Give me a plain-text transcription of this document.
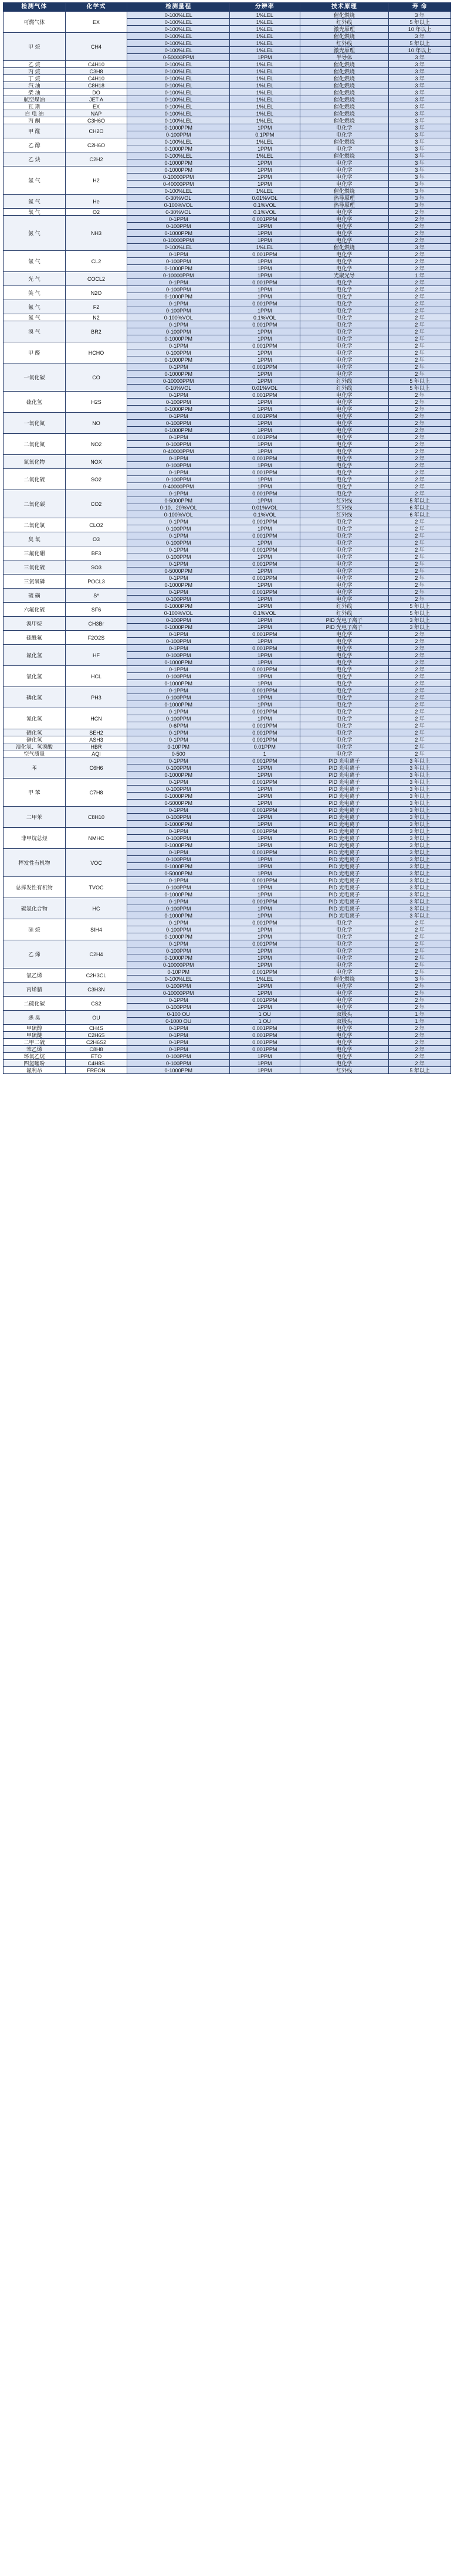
检测气体	化学式	检测量程	分辨率	技术原理	寿 命
可燃气体	EX	0-100%LEL	1%LEL	催化燃烧	3 年
		0-100%LEL	1%LEL	红外线	5 年以上
		0-100%LEL	1%LEL	激光原理	10 年以上
甲 烷	CH4	0-100%LEL	1%LEL	催化燃烧	3 年
		0-100%LEL	1%LEL	红外线	5 年以上
		0-100%LEL	1%LEL	激光原理	10 年以上
		0-50000PPM	1PPM	半导体	3 年
乙 烷	C4H10	0-100%LEL	1%LEL	催化燃烧	3 年
丙 烷	C3H8	0-100%LEL	1%LEL	催化燃烧	3 年
丁 烷	C4H10	0-100%LEL	1%LEL	催化燃烧	3 年
汽 油	C8H18	0-100%LEL	1%LEL	催化燃烧	3 年
柴 油	DO	0-100%LEL	1%LEL	催化燃烧	3 年
航空煤油	JET A	0-100%LEL	1%LEL	催化燃烧	3 年
瓦 斯	EX	0-100%LEL	1%LEL	催化燃烧	3 年
白 电 油	NAP	0-100%LEL	1%LEL	催化燃烧	3 年
丙 酮	C3H6O	0-100%LEL	1%LEL	催化燃烧	3 年
甲 醛	CH2O	0-1000PPM	1PPM	电化学	3 年
		0-100PPM	0.1PPM	电化学	3 年
乙 醇	C2H6O	0-100%LEL	1%LEL	催化燃烧	3 年
		0-1000PPM	1PPM	电化学	3 年
乙 炔	C2H2	0-100%LEL	1%LEL	催化燃烧	3 年
		0-1000PPM	1PPM	电化学	3 年
氢 气	H2	0-1000PPM	1PPM	电化学	3 年
		0-10000PPM	1PPM	电化学	3 年
		0-40000PPM	1PPM	电化学	3 年
		0-100%LEL	1%LEL	催化燃烧	3 年
氦 气	He	0-30%VOL	0.01%VOL	热导原理	3 年
		0-100%VOL	0.1%VOL	热导原理	3 年
氧 气	O2	0-30%VOL	0.1%VOL	电化学	2 年
氨 气	NH3	0-1PPM	0.001PPM	电化学	2 年
		0-100PPM	1PPM	电化学	2 年
		0-1000PPM	1PPM	电化学	2 年
		0-10000PPM	1PPM	电化学	2 年
		0-100%LEL	1%LEL	催化燃烧	3 年
氯 气	CL2	0-1PPM	0.001PPM	电化学	2 年
		0-100PPM	1PPM	电化学	2 年
		0-1000PPM	1PPM	电化学	2 年
光 气	COCL2	0-10000PPM	1PPM	光聚光导	1 年
		0-1PPM	0.001PPM	电化学	2 年
笑 气	N2O	0-100PPM	1PPM	电化学	2 年
		0-1000PPM	1PPM	电化学	2 年
氟 气	F2	0-1PPM	0.001PPM	电化学	2 年
		0-100PPM	1PPM	电化学	2 年
氮 气	N2	0-100%VOL	0.1%VOL	电化学	2 年
溴 气	BR2	0-1PPM	0.001PPM	电化学	2 年
		0-100PPM	1PPM	电化学	2 年
		0-1000PPM	1PPM	电化学	2 年
甲 醛	HCHO	0-1PPM	0.001PPM	电化学	2 年
		0-100PPM	1PPM	电化学	2 年
		0-1000PPM	1PPM	电化学	2 年
一氧化碳	CO	0-1PPM	0.001PPM	电化学	2 年
		0-1000PPM	1PPM	电化学	2 年
		0-10000PPM	1PPM	红外线	5 年以上
		0-10%VOL	0.01%VOL	红外线	5 年以上
硫化氢	H2S	0-1PPM	0.001PPM	电化学	2 年
		0-100PPM	1PPM	电化学	2 年
		0-1000PPM	1PPM	电化学	2 年
一氧化氮	NO	0-1PPM	0.001PPM	电化学	2 年
		0-100PPM	1PPM	电化学	2 年
		0-1000PPM	1PPM	电化学	2 年
二氧化氮	NO2	0-1PPM	0.001PPM	电化学	2 年
		0-100PPM	1PPM	电化学	2 年
		0-40000PPM	1PPM	电化学	2 年
氮氧化物	NOX	0-1PPM	0.001PPM	电化学	2 年
		0-100PPM	1PPM	电化学	2 年
二氧化硫	SO2	0-1PPM	0.001PPM	电化学	2 年
		0-100PPM	1PPM	电化学	2 年
		0-40000PPM	1PPM	电化学	2 年
二氧化碳	CO2	0-1PPM	0.001PPM	电化学	2 年
		0-5000PPM	1PPM	红外线	5 年以上
		0-10、20%VOL	0.01%VOL	红外线	6 年以上
		0-100%VOL	0.1%VOL	红外线	6 年以上
二氧化氯	CLO2	0-1PPM	0.001PPM	电化学	2 年
		0-100PPM	1PPM	电化学	2 年
臭 氧	O3	0-1PPM	0.001PPM	电化学	2 年
		0-100PPM	1PPM	电化学	2 年
三氟化硼	BF3	0-1PPM	0.001PPM	电化学	2 年
		0-100PPM	1PPM	电化学	2 年
三氧化硫	SO3	0-1PPM	0.001PPM	电化学	2 年
		0-5000PPM	1PPM	电化学	2 年
三氯氧磷	POCL3	0-1PPM	0.001PPM	电化学	2 年
		0-1000PPM	1PPM	电化学	2 年
硫 磺	S*	0-1PPM	0.001PPM	电化学	2 年
		0-100PPM	1PPM	电化学	2 年
六氟化硫	SF6	0-1000PPM	1PPM	红外线	5 年以上
		0-100%VOL	0.1%VOL	红外线	5 年以上
溴甲烷	CH3Br	0-100PPM	1PPM	PID 光电子离子	3 年以上
		0-1000PPM	1PPM	PID 光电子离子	3 年以上
硫酰氟	F2O2S	0-1PPM	0.001PPM	电化学	2 年
		0-100PPM	1PPM	电化学	2 年
氟化氢	HF	0-1PPM	0.001PPM	电化学	2 年
		0-100PPM	1PPM	电化学	2 年
		0-1000PPM	1PPM	电化学	2 年
氯化氢	HCL	0-1PPM	0.001PPM	电化学	2 年
		0-100PPM	1PPM	电化学	2 年
		0-1000PPM	1PPM	电化学	2 年
磷化氢	PH3	0-1PPM	0.001PPM	电化学	2 年
		0-100PPM	1PPM	电化学	2 年
		0-1000PPM	1PPM	电化学	2 年
氰化氢	HCN	0-1PPM	0.001PPM	电化学	2 年
		0-100PPM	1PPM	电化学	2 年
		0-6PPM	0.001PPM	电化学	2 年
硒化氢	SEH2	0-1PPM	0.001PPM	电化学	2 年
砷化氢	ASH3	0-1PPM	0.001PPM	电化学	2 年
溴化氢、氢溴酸	HBR	0-10PPM	0.01PPM	电化学	2 年
空气质量	AQI	0-500	1	电化学	2 年
苯	C6H6	0-1PPM	0.001PPM	PID 光电离子	3 年以上
		0-100PPM	1PPM	PID 光电离子	3 年以上
		0-1000PPM	1PPM	PID 光电离子	3 年以上
甲 苯	C7H8	0-1PPM	0.001PPM	PID 光电离子	3 年以上
		0-100PPM	1PPM	PID 光电离子	3 年以上
		0-1000PPM	1PPM	PID 光电离子	3 年以上
		0-5000PPM	1PPM	PID 光电离子	3 年以上
二甲苯	C8H10	0-1PPM	0.001PPM	PID 光电离子	3 年以上
		0-100PPM	1PPM	PID 光电离子	3 年以上
		0-1000PPM	1PPM	PID 光电离子	3 年以上
非甲烷总烃	NMHC	0-1PPM	0.001PPM	PID 光电离子	3 年以上
		0-100PPM	1PPM	PID 光电离子	3 年以上
		0-1000PPM	1PPM	PID 光电离子	3 年以上
挥发性有机物	VOC	0-1PPM	0.001PPM	PID 光电离子	3 年以上
		0-100PPM	1PPM	PID 光电离子	3 年以上
		0-1000PPM	1PPM	PID 光电离子	3 年以上
		0-5000PPM	1PPM	PID 光电离子	3 年以上
总挥发性有机物	TVOC	0-1PPM	0.001PPM	PID 光电离子	3 年以上
		0-100PPM	1PPM	PID 光电离子	3 年以上
		0-1000PPM	1PPM	PID 光电离子	3 年以上
碳氢化合物	HC	0-1PPM	0.001PPM	PID 光电离子	3 年以上
		0-100PPM	1PPM	PID 光电离子	3 年以上
		0-1000PPM	1PPM	PID 光电离子	3 年以上
硅 烷	SIH4	0-1PPM	0.001PPM	电化学	2 年
		0-100PPM	1PPM	电化学	2 年
		0-1000PPM	1PPM	电化学	2 年
乙 烯	C2H4	0-1PPM	0.001PPM	电化学	2 年
		0-100PPM	1PPM	电化学	2 年
		0-1000PPM	1PPM	电化学	2 年
		0-10000PPM	1PPM	电化学	2 年
氯乙烯	C2H3CL	0-10PPM	0.001PPM	电化学	2 年
		0-100%LEL	1%LEL	催化燃烧	3 年
丙烯腈	C3H3N	0-100PPM	1PPM	电化学	2 年
		0-10000PPM	1PPM	电化学	2 年
二硫化碳	CS2	0-1PPM	0.001PPM	电化学	2 年
		0-100PPM	1PPM	电化学	2 年
恶 臭	OU	0-100 OU	1 OU	双极头	1 年
		0-1000 OU	1 OU	双极头	1 年
甲硫醇	CH4S	0-1PPM	0.001PPM	电化学	2 年
甲硫醚	C2H6S	0-1PPM	0.001PPM	电化学	2 年
二甲二硫	C2H6S2	0-1PPM	0.001PPM	电化学	2 年
苯乙烯	C8H8	0-1PPM	0.001PPM	电化学	2 年
环氧乙烷	ETO	0-100PPM	1PPM	电化学	2 年
四氢噻吩	C4H8S	0-100PPM	1PPM	电化学	2 年
氟利昂	FREON	0-1000PPM	1PPM	红外线	5 年以上
